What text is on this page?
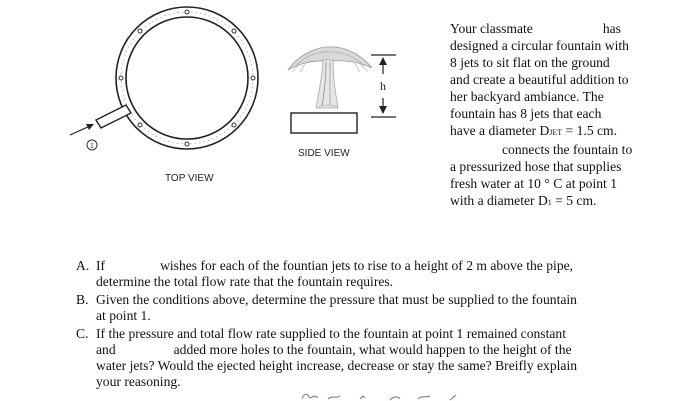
1
TOP VIEW
h
SIDE VIEW
Your classmate	has
designed a circular fountain with
8 jets to sit flat on the ground
and create a beautiful addition to
her backyard ambiance. The
fountain has 8 jets that each
have a diameter DJET = 1.5 cm.
connects the fountain to
a pressurized hose that supplies
fresh water at 10 ° C at point 1
with a diameter D1 = 5 cm.
A. If	wishes for each of the fountian jets to rise to a height of 2 m above the pipe,
determine the total flow rate that the fountain requires.
B. Given the conditions above, determine the pressure that must be supplied to the fountain
at point 1.
C. If the pressure and total flow rate supplied to the fountain at point 1 remained constant
and	added more holes to the fountain, what would happen to the height of the
water jets? Would the ejected height increase, decrease or stay the same? Breifly explain
your reasoning.
